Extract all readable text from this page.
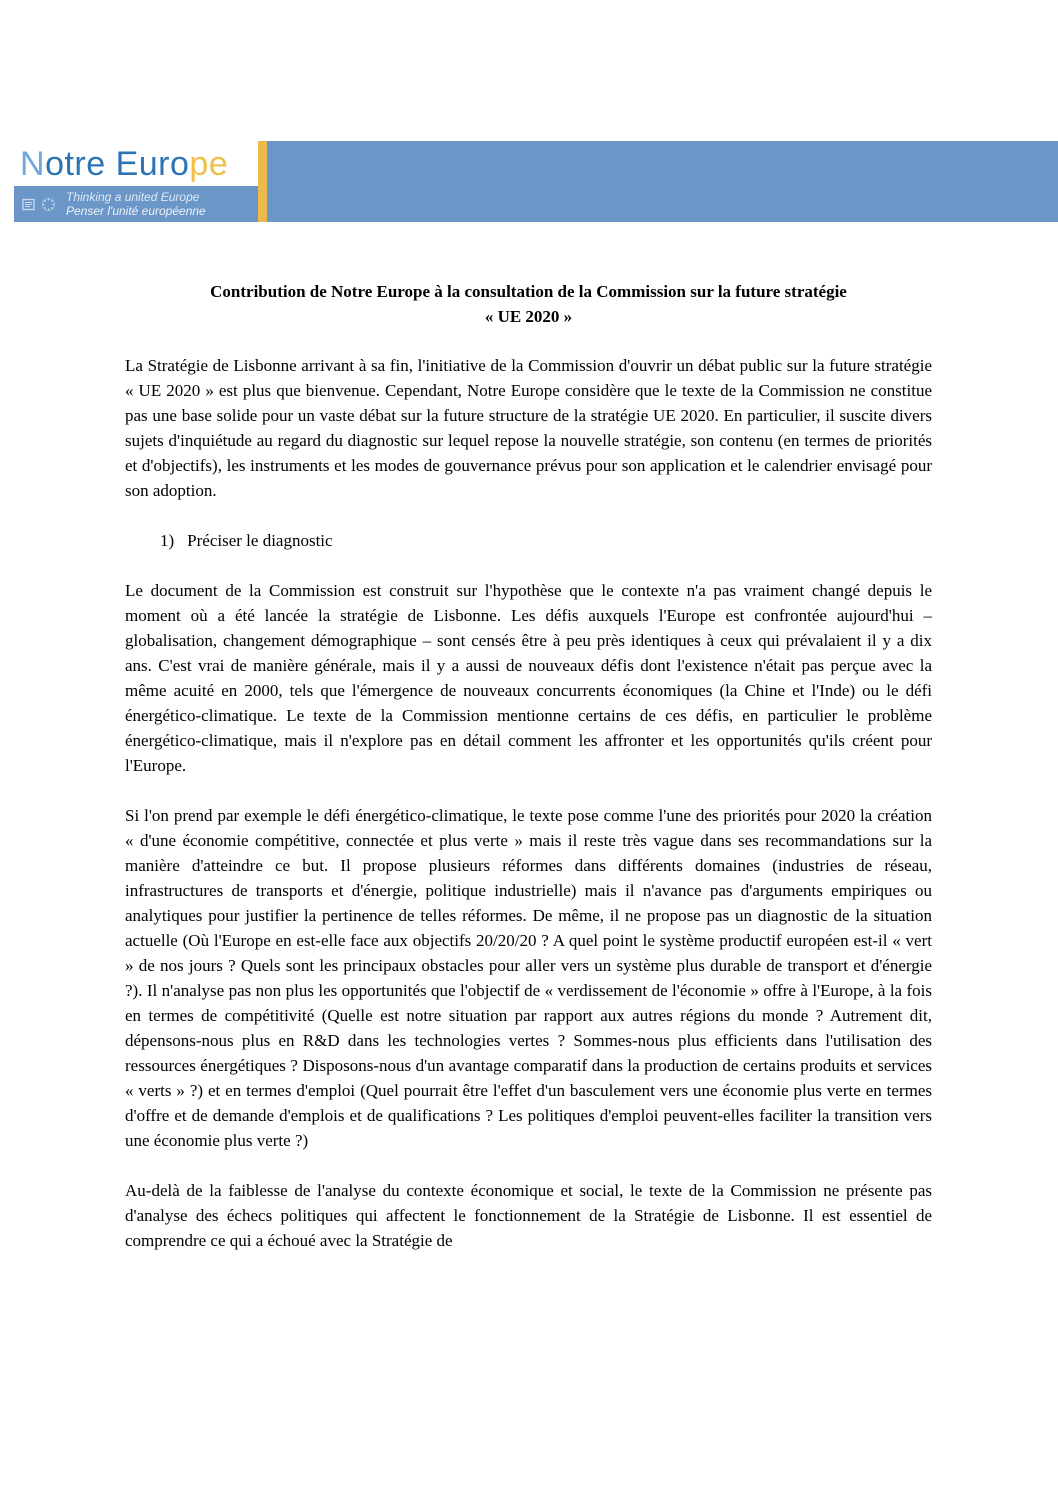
Notre Europe
Thinking a united Europe
Penser l'unité européenne
Contribution de Notre Europe à la consultation de la Commission sur la future stratégie
« UE 2020 »

La Stratégie de Lisbonne arrivant à sa fin, l'initiative de la Commission d'ouvrir un débat public sur la future stratégie « UE 2020 » est plus que bienvenue. Cependant, Notre Europe considère que le texte de la Commission ne constitue pas une base solide pour un vaste débat sur la future structure de la stratégie UE 2020. En particulier, il suscite divers sujets d'inquiétude au regard du diagnostic sur lequel repose la nouvelle stratégie, son contenu (en termes de priorités et d'objectifs), les instruments et les modes de gouvernance prévus pour son application et le calendrier envisagé pour son adoption.

1) Préciser le diagnostic

Le document de la Commission est construit sur l'hypothèse que le contexte n'a pas vraiment changé depuis le moment où a été lancée la stratégie de Lisbonne. Les défis auxquels l'Europe est confrontée aujourd'hui – globalisation, changement démographique – sont censés être à peu près identiques à ceux qui prévalaient il y a dix ans. C'est vrai de manière générale, mais il y a aussi de nouveaux défis dont l'existence n'était pas perçue avec la même acuité en 2000, tels que l'émergence de nouveaux concurrents économiques (la Chine et l'Inde) ou le défi énergético-climatique. Le texte de la Commission mentionne certains de ces défis, en particulier le problème énergético-climatique, mais il n'explore pas en détail comment les affronter et les opportunités qu'ils créent pour l'Europe.

Si l'on prend par exemple le défi énergético-climatique, le texte pose comme l'une des priorités pour 2020 la création « d'une économie compétitive, connectée et plus verte » mais il reste très vague dans ses recommandations sur la manière d'atteindre ce but. Il propose plusieurs réformes dans différents domaines (industries de réseau, infrastructures de transports et d'énergie, politique industrielle) mais il n'avance pas d'arguments empiriques ou analytiques pour justifier la pertinence de telles réformes. De même, il ne propose pas un diagnostic de la situation actuelle (Où l'Europe en est-elle face aux objectifs 20/20/20 ? A quel point le système productif européen est-il « vert » de nos jours ? Quels sont les principaux obstacles pour aller vers un système plus durable de transport et d'énergie ?). Il n'analyse pas non plus les opportunités que l'objectif de « verdissement de l'économie » offre à l'Europe, à la fois en termes de compétitivité (Quelle est notre situation par rapport aux autres régions du monde ? Autrement dit, dépensons-nous plus en R&D dans les technologies vertes ? Sommes-nous plus efficients dans l'utilisation des ressources énergétiques ? Disposons-nous d'un avantage comparatif dans la production de certains produits et services « verts » ?) et en termes d'emploi (Quel pourrait être l'effet d'un basculement vers une économie plus verte en termes d'offre et de demande d'emplois et de qualifications ? Les politiques d'emploi peuvent-elles faciliter la transition vers une économie plus verte ?)

Au-delà de la faiblesse de l'analyse du contexte économique et social, le texte de la Commission ne présente pas d'analyse des échecs politiques qui affectent le fonctionnement de la Stratégie de Lisbonne. Il est essentiel de comprendre ce qui a échoué avec la Stratégie de
